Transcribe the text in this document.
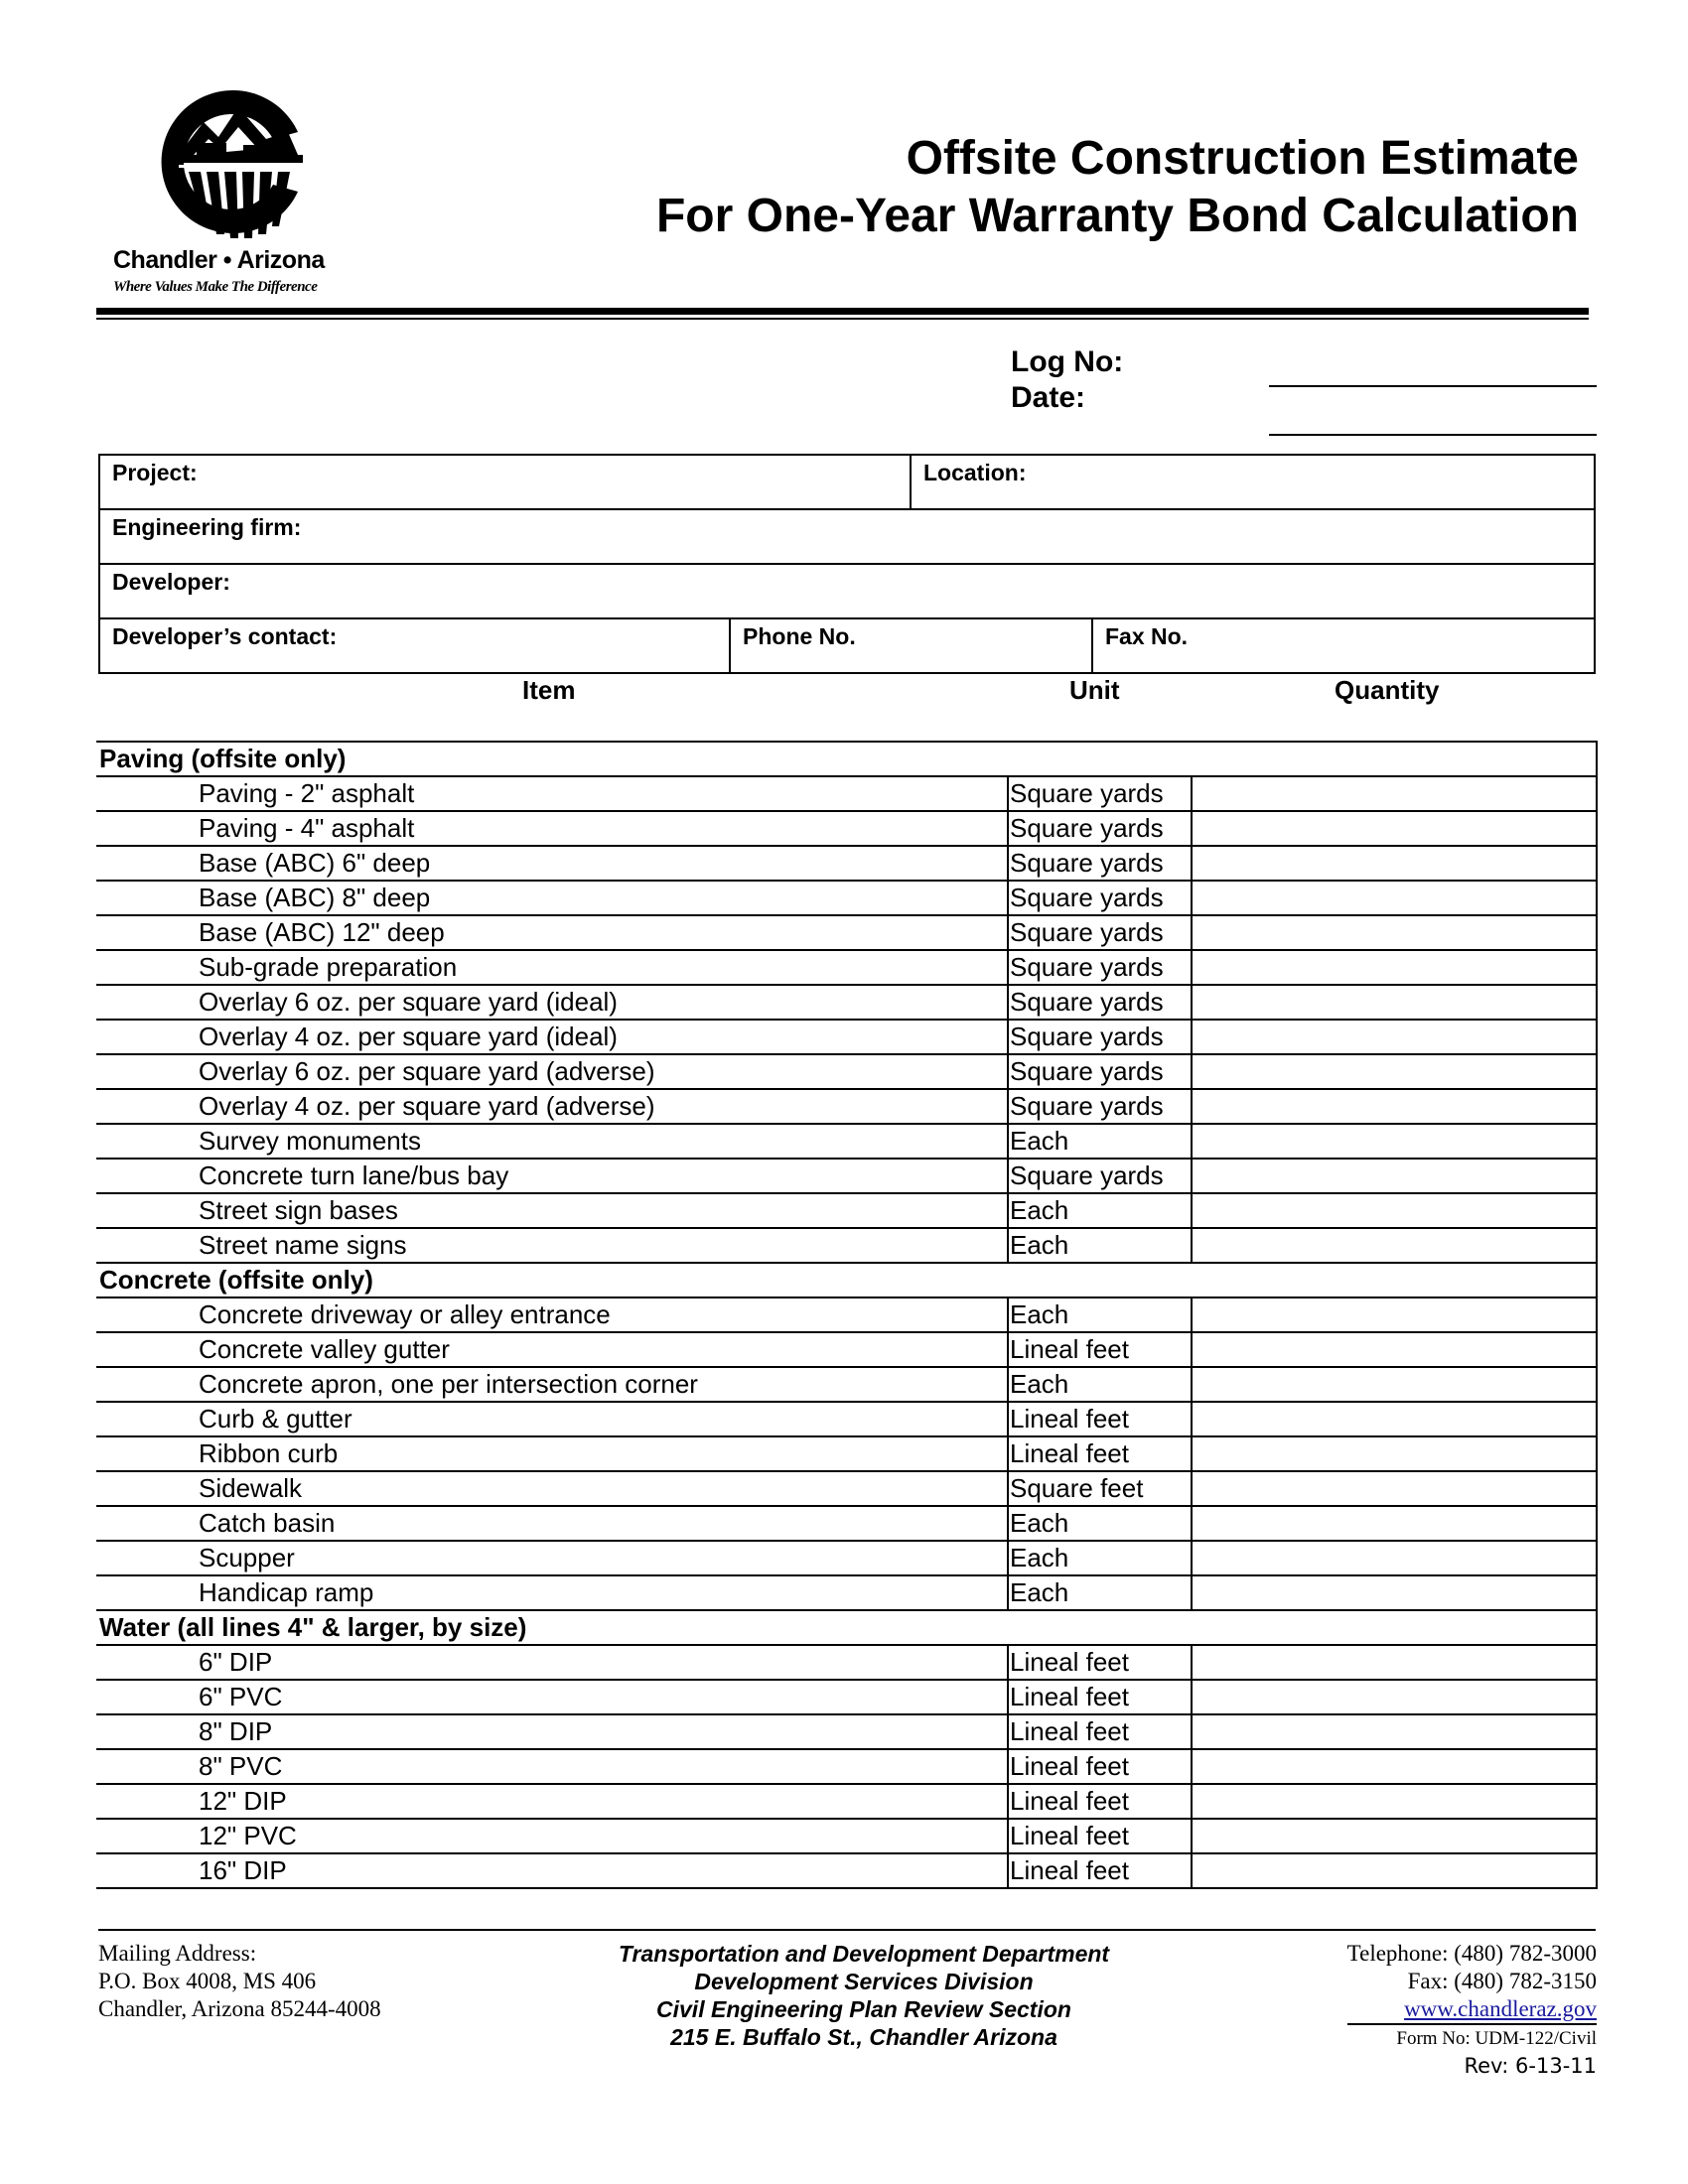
Chandler • Arizona
Where Values Make The Difference
Offsite Construction Estimate
For One-Year Warranty Bond Calculation
Log No:
Date:
Project:	Location:
Engineering firm:
Developer:
Developer’s contact:	Phone No.	Fax No.
Item	Unit	Quantity
Paving (offsite only)		
Paving - 2" asphalt	Square yards	
Paving - 4" asphalt	Square yards	
Base (ABC) 6" deep	Square yards	
Base (ABC) 8" deep	Square yards	
Base (ABC) 12" deep	Square yards	
Sub-grade preparation	Square yards	
Overlay 6 oz. per square yard (ideal)	Square yards	
Overlay 4 oz. per square yard (ideal)	Square yards	
Overlay 6 oz. per square yard (adverse)	Square yards	
Overlay 4 oz. per square yard (adverse)	Square yards	
Survey monuments	Each	
Concrete turn lane/bus bay	Square yards	
Street sign bases	Each	
Street name signs	Each	
Concrete (offsite only)		
Concrete driveway or alley entrance	Each	
Concrete valley gutter	Lineal feet	
Concrete apron, one per intersection corner	Each	
Curb & gutter	Lineal feet	
Ribbon curb	Lineal feet	
Sidewalk	Square feet	
Catch basin	Each	
Scupper	Each	
Handicap ramp	Each	
Water (all lines 4" & larger, by size)		
6" DIP	Lineal feet	
6" PVC	Lineal feet	
8" DIP	Lineal feet	
8" PVC	Lineal feet	
12" DIP	Lineal feet	
12" PVC	Lineal feet	
16" DIP	Lineal feet	
Mailing Address:
P.O. Box 4008, MS 406
Chandler, Arizona 85244-4008
Transportation and Development Department
Development Services Division
Civil Engineering Plan Review Section
215 E. Buffalo St., Chandler Arizona
Telephone: (480) 782-3000
Fax: (480) 782-3150
www.chandleraz.gov
Form No: UDM-122/Civil
Rev: 6-13-11
